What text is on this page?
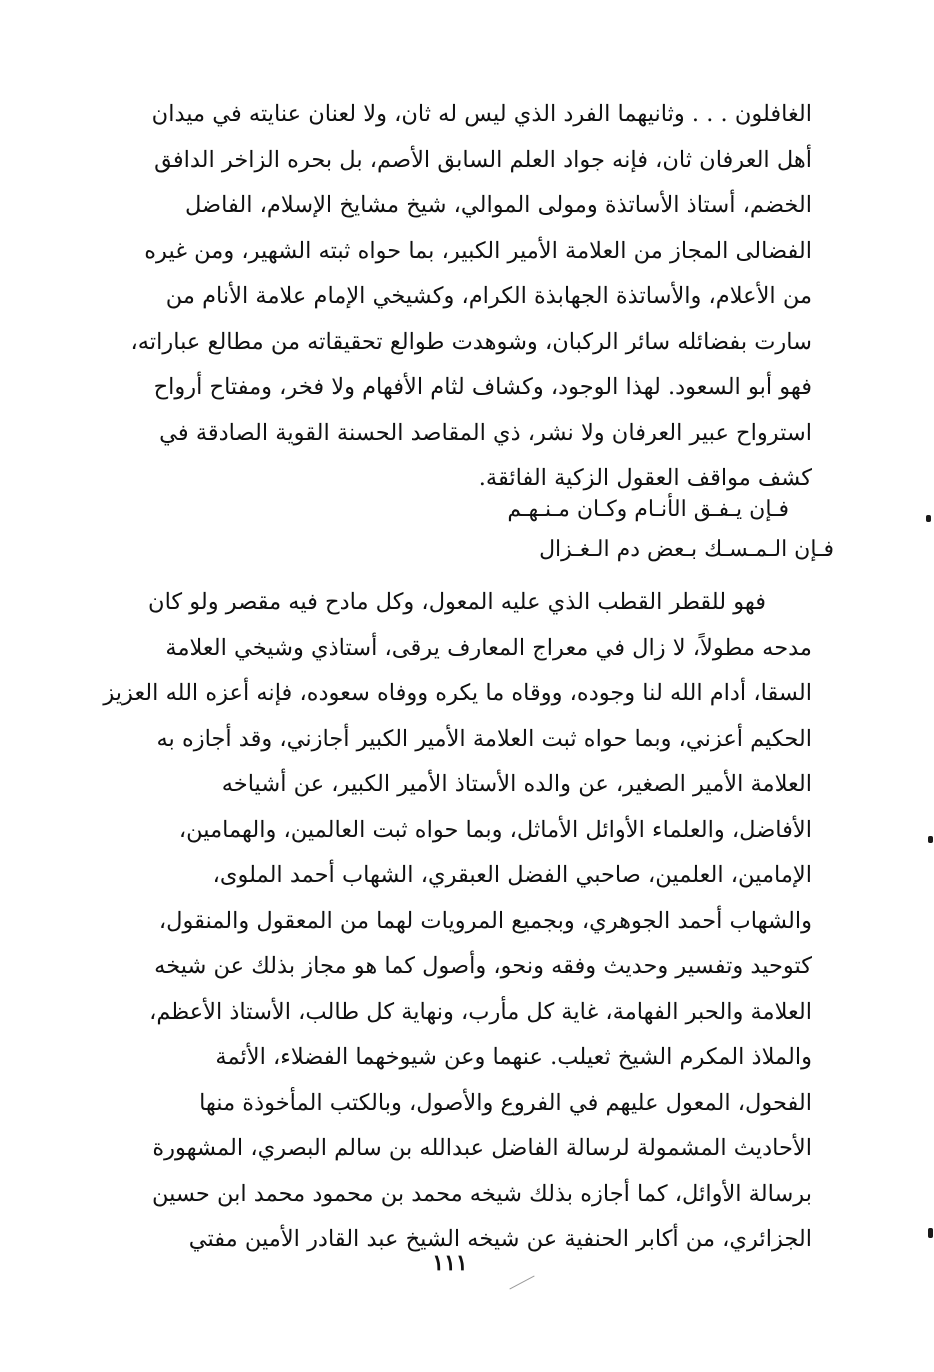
الغافلون . . . وثانيهما الفرد الذي ليس له ثان، ولا لعنان عنايته في ميدان
أهل العرفان ثان، فإنه جواد العلم السابق الأصم، بل بحره الزاخر الدافق
الخضم، أستاذ الأساتذة ومولى الموالي، شيخ مشايخ الإسلام، الفاضل
الفضالى المجاز من العلامة الأمير الكبير، بما حواه ثبته الشهير، ومن غيره
من الأعلام، والأساتذة الجهابذة الكرام، وكشيخي الإمام علامة الأنام من
سارت بفضائله سائر الركبان، وشوهدت طوالع تحقيقاته من مطالع عباراته،
فهو أبو السعود. لهذا الوجود، وكشاف لثام الأفهام ولا فخر، ومفتاح أرواح
استرواح عبير العرفان ولا نشر، ذي المقاصد الحسنة القوية الصادقة في
كشف مواقف العقول الزكية الفائقة.
فـإن يـفـق الأنـام وكـان مـنـهـم
فـإن الـمـسـك بـعض دم الـغـزال
فهو للقطر القطب الذي عليه المعول، وكل مادح فيه مقصر ولو كان
مدحه مطولاً، لا زال في معراج المعارف يرقى، أستاذي وشيخي العلامة
السقا، أدام الله لنا وجوده، ووقاه ما يكره ووفاه سعوده، فإنه أعزه الله العزيز
الحكيم أعزني، وبما حواه ثبت العلامة الأمير الكبير أجازني، وقد أجازه به
العلامة الأمير الصغير، عن والده الأستاذ الأمير الكبير، عن أشياخه
الأفاضل، والعلماء الأوائل الأماثل، وبما حواه ثبت العالمين، والهمامين،
الإمامين، العلمين، صاحبي الفضل العبقري، الشهاب أحمد الملوى،
والشهاب أحمد الجوهري، وبجميع المرويات لهما من المعقول والمنقول،
كتوحيد وتفسير وحديث وفقه ونحو، وأصول كما هو مجاز بذلك عن شيخه
العلامة والحبر الفهامة، غاية كل مأرب، ونهاية كل طالب، الأستاذ الأعظم،
والملاذ المكرم الشيخ ثعيلب. عنهما وعن شيوخهما الفضلاء، الأئمة
الفحول، المعول عليهم في الفروع والأصول، وبالكتب المأخوذة منها
الأحاديث المشمولة لرسالة الفاضل عبدالله بن سالم البصري، المشهورة
برسالة الأوائل، كما أجازه بذلك شيخه محمد بن محمود محمد ابن حسين
الجزائري، من أكابر الحنفية عن شيخه الشيخ عبد القادر الأمين مفتي
١١١
